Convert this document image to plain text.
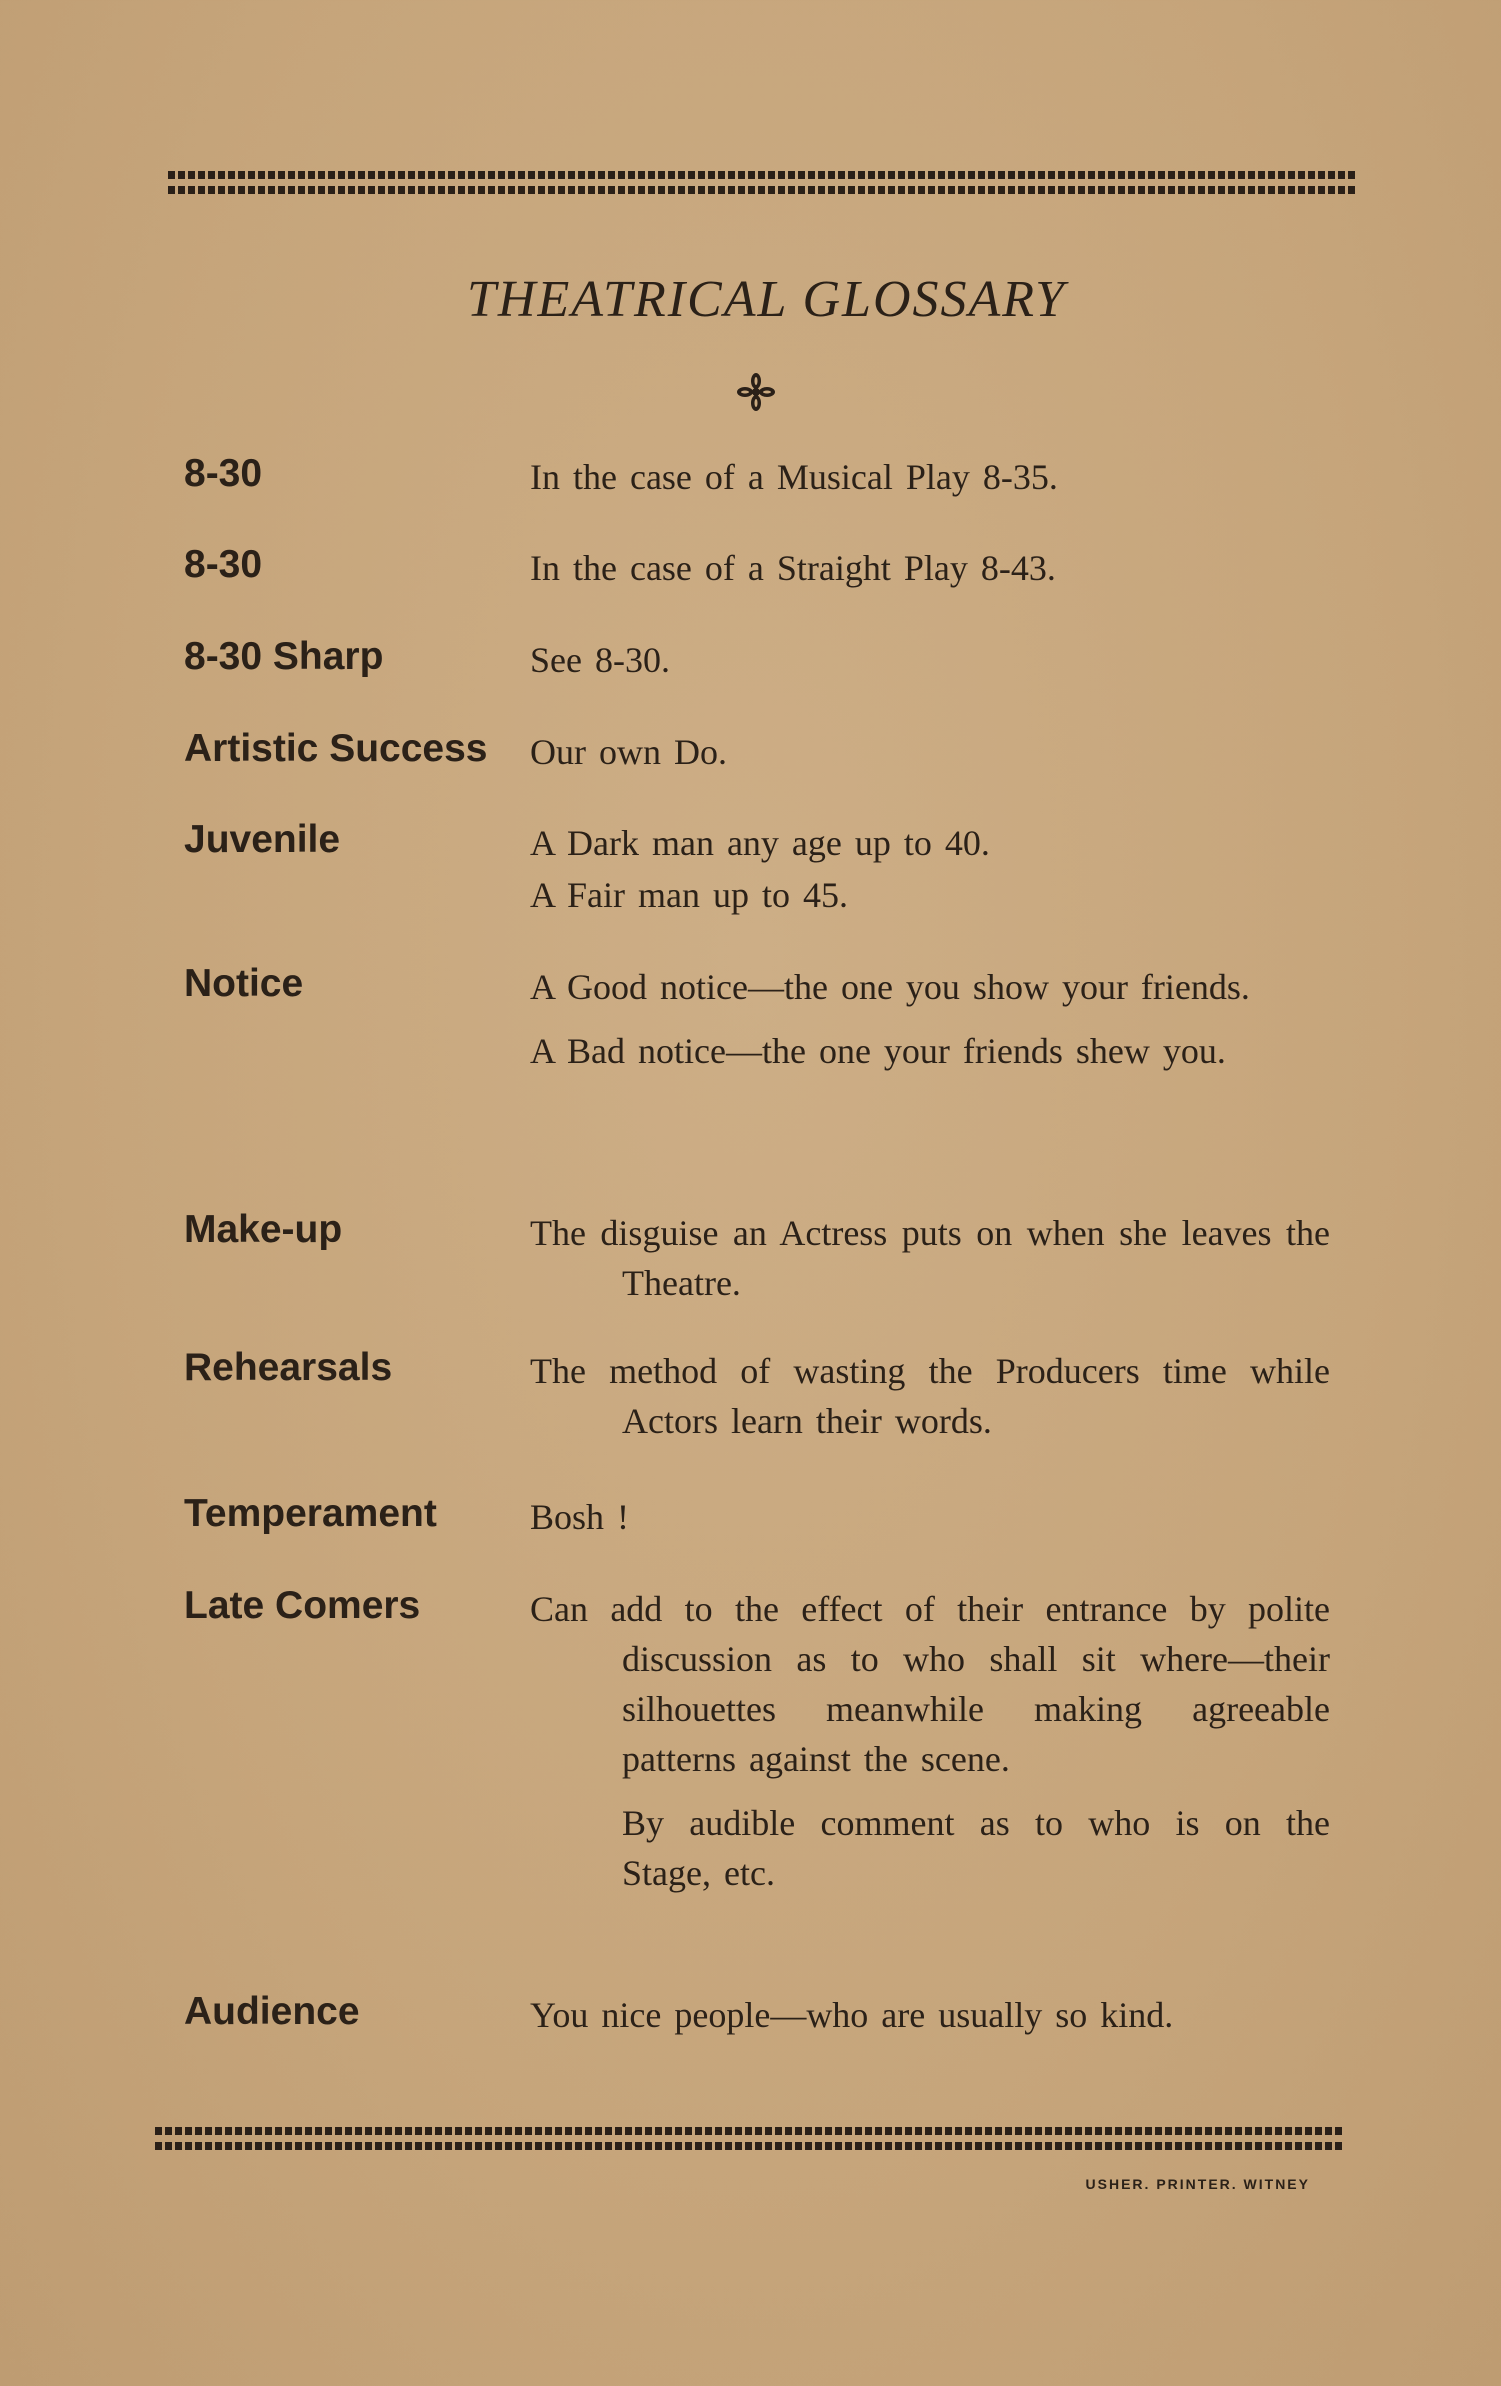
THEATRICAL GLOSSARY
8-30	In the case of a Musical Play 8-35.
8-30	In the case of a Straight Play 8-43.
8-30 Sharp	See 8-30.
Artistic Success	Our own Do.
Juvenile	A Dark man any age up to 40.
A Fair man up to 45.
Notice	A Good notice—the one you show your friends.
A Bad notice—the one your friends shew you.
Make-up	The disguise an Actress puts on when she leaves the Theatre.
Rehearsals	The method of wasting the Producers time while Actors learn their words.
Temperament	Bosh !
Late Comers	Can add to the effect of their entrance by polite discussion as to who shall sit where—their silhouettes meanwhile making agreeable patterns against the scene.
By audible comment as to who is on the Stage, etc.
Audience	You nice people—who are usually so kind.
USHER. PRINTER. WITNEY
